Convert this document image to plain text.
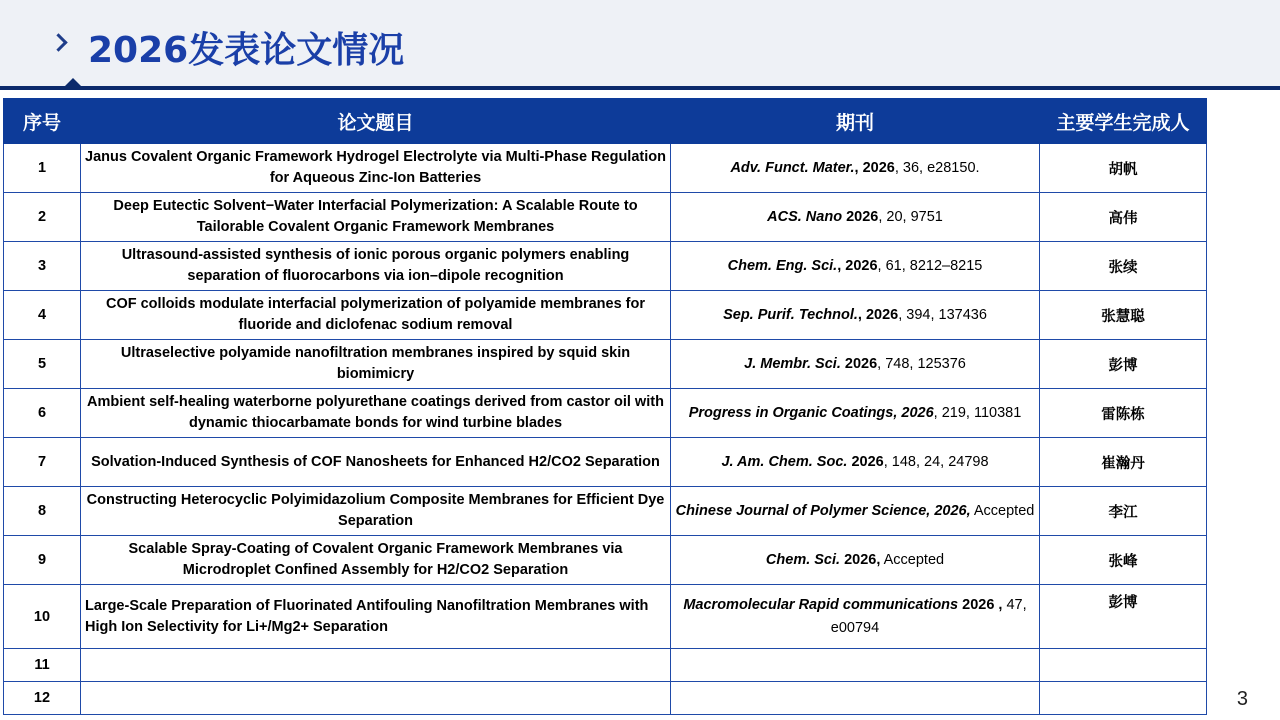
2026发表论文情况
序号	论文题目	期刊	主要学生完成人
1	Janus Covalent Organic Framework Hydrogel Electrolyte via Multi-Phase Regulation for Aqueous Zinc-Ion Batteries	Adv. Funct. Mater., 2026, 36, e28150.	胡帆
2	Deep Eutectic Solvent−Water Interfacial Polymerization: A Scalable Route to Tailorable Covalent Organic Framework Membranes	ACS. Nano 2026, 20, 9751	高伟
3	Ultrasound-assisted synthesis of ionic porous organic polymers enabling separation of fluorocarbons via ion–dipole recognition	Chem. Eng. Sci., 2026, 61, 8212–8215	张续
4	COF colloids modulate interfacial polymerization of polyamide membranes for fluoride and diclofenac sodium removal	Sep. Purif. Technol., 2026, 394, 137436	张慧聪
5	Ultraselective polyamide nanofiltration membranes inspired by squid skin biomimicry	J. Membr. Sci. 2026, 748, 125376	彭博
6	Ambient self-healing waterborne polyurethane coatings derived from castor oil with dynamic thiocarbamate bonds for wind turbine blades	Progress in Organic Coatings, 2026, 219, 110381	雷陈栋
7	Solvation-Induced Synthesis of COF Nanosheets for Enhanced H2/CO2 Separation	J. Am. Chem. Soc. 2026, 148, 24, 24798	崔瀚丹
8	Constructing Heterocyclic Polyimidazolium Composite Membranes for Efficient Dye Separation	Chinese Journal of Polymer Science, 2026, Accepted	李江
9	Scalable Spray-Coating of Covalent Organic Framework Membranes via Microdroplet Confined Assembly for H2/CO2 Separation	Chem. Sci. 2026, Accepted	张峰
10	Large-Scale Preparation of Fluorinated Antifouling Nanofiltration Membranes with High Ion Selectivity for Li+/Mg2+ Separation	Macromolecular Rapid communications 2026 , 47, e00794	彭博
11			
12				3
